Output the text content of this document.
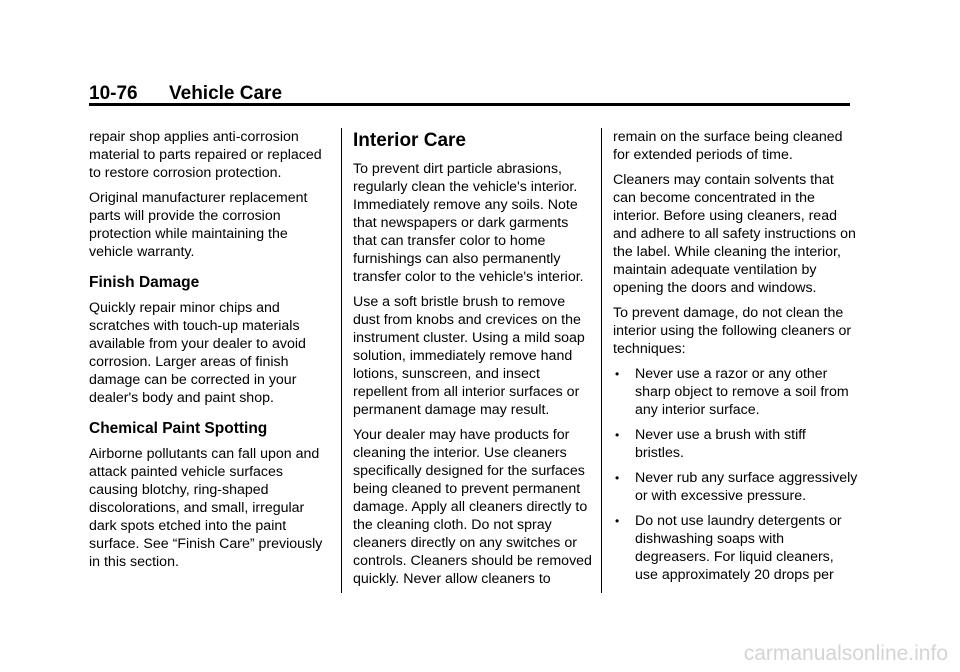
10-76 Vehicle Care

repair shop applies anti-corrosion material to parts repaired or replaced to restore corrosion protection.

Original manufacturer replacement parts will provide the corrosion protection while maintaining the vehicle warranty.

Finish Damage

Quickly repair minor chips and scratches with touch-up materials available from your dealer to avoid corrosion. Larger areas of finish damage can be corrected in your dealer's body and paint shop.

Chemical Paint Spotting

Airborne pollutants can fall upon and attack painted vehicle surfaces causing blotchy, ring-shaped discolorations, and small, irregular dark spots etched into the paint surface. See “Finish Care” previously in this section.

Interior Care

To prevent dirt particle abrasions, regularly clean the vehicle's interior. Immediately remove any soils. Note that newspapers or dark garments that can transfer color to home furnishings can also permanently transfer color to the vehicle's interior.

Use a soft bristle brush to remove dust from knobs and crevices on the instrument cluster. Using a mild soap solution, immediately remove hand lotions, sunscreen, and insect repellent from all interior surfaces or permanent damage may result.

Your dealer may have products for cleaning the interior. Use cleaners specifically designed for the surfaces being cleaned to prevent permanent damage. Apply all cleaners directly to the cleaning cloth. Do not spray cleaners directly on any switches or controls. Cleaners should be removed quickly. Never allow cleaners to

remain on the surface being cleaned for extended periods of time.

Cleaners may contain solvents that can become concentrated in the interior. Before using cleaners, read and adhere to all safety instructions on the label. While cleaning the interior, maintain adequate ventilation by opening the doors and windows.

To prevent damage, do not clean the interior using the following cleaners or techniques:

• Never use a razor or any other sharp object to remove a soil from any interior surface.
• Never use a brush with stiff bristles.
• Never rub any surface aggressively or with excessive pressure.
• Do not use laundry detergents or dishwashing soaps with degreasers. For liquid cleaners, use approximately 20 drops per
carmanualsonline.info
